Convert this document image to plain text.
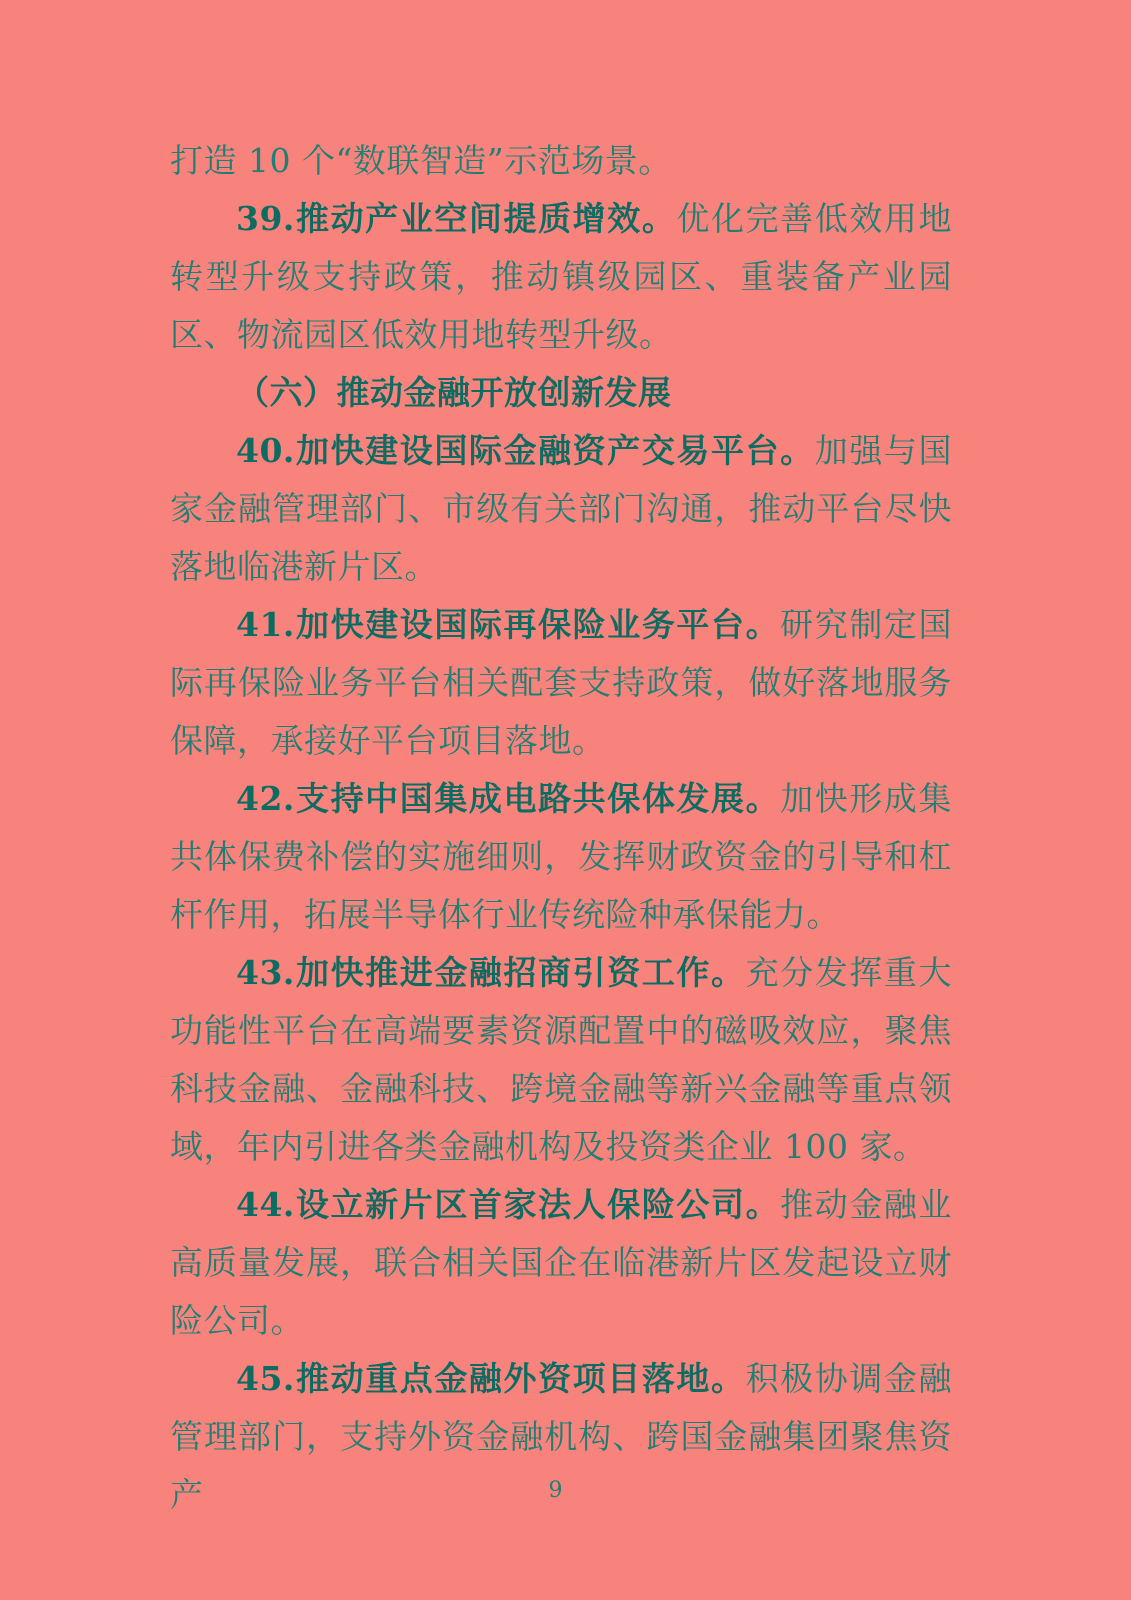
打造 10 个“数联智造”示范场景。

39.推动产业空间提质增效。优化完善低效用地转型升级支持政策，推动镇级园区、重装备产业园区、物流园区低效用地转型升级。

（六）推动金融开放创新发展

40.加快建设国际金融资产交易平台。加强与国家金融管理部门、市级有关部门沟通，推动平台尽快落地临港新片区。

41.加快建设国际再保险业务平台。研究制定国际再保险业务平台相关配套支持政策，做好落地服务保障，承接好平台项目落地。

42.支持中国集成电路共保体发展。加快形成集共体保费补偿的实施细则，发挥财政资金的引导和杠杆作用，拓展半导体行业传统险种承保能力。

43.加快推进金融招商引资工作。充分发挥重大功能性平台在高端要素资源配置中的磁吸效应，聚焦科技金融、金融科技、跨境金融等新兴金融等重点领域，年内引进各类金融机构及投资类企业 100 家。

44.设立新片区首家法人保险公司。推动金融业高质量发展，联合相关国企在临港新片区发起设立财险公司。

45.推动重点金融外资项目落地。积极协调金融管理部门，支持外资金融机构、跨国金融集团聚焦资产	9
